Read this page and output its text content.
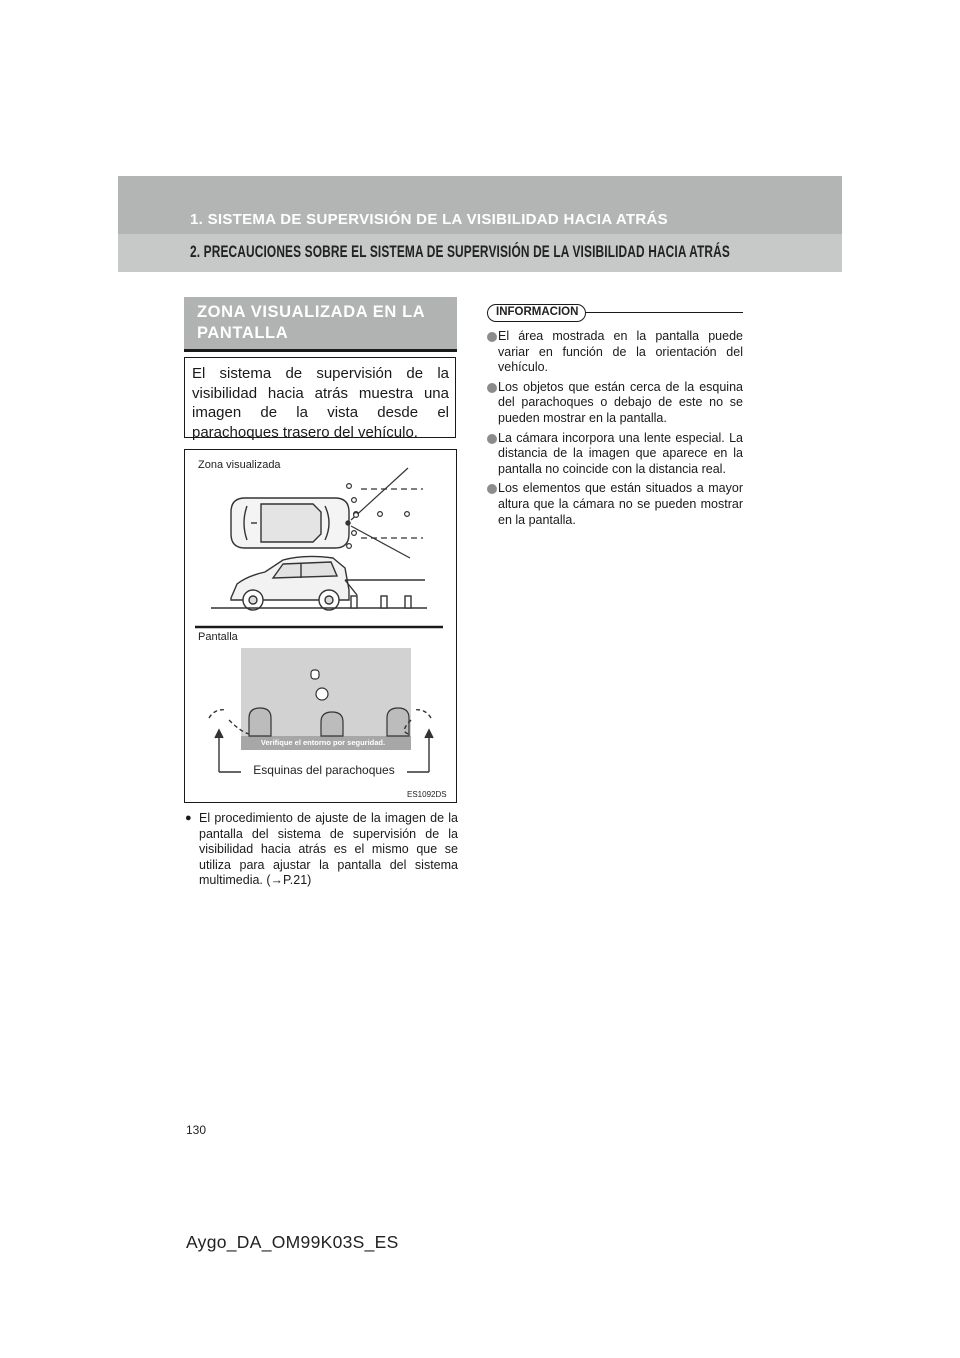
1. SISTEMA DE SUPERVISIÓN DE LA VISIBILIDAD HACIA ATRÁS
2. PRECAUCIONES SOBRE EL SISTEMA DE SUPERVISIÓN DE LA VISIBILIDAD HACIA ATRÁS
ZONA VISUALIZADA EN LA PANTALLA

El sistema de supervisión de la visibilidad hacia atrás muestra una imagen de la vista desde el parachoques trasero del vehículo.

Zona visualizada
Pantalla
Verifique el entorno por seguridad.
Esquinas del parachoques
ES1092DS
● El procedimiento de ajuste de la imagen de la pantalla del sistema de supervisión de la visibilidad hacia atrás es el mismo que se utiliza para ajustar la pantalla del sistema multimedia. (→P.21)

INFORMACION

El área mostrada en la pantalla puede variar en función de la orientación del vehículo.

Los objetos que están cerca de la esquina del parachoques o debajo de este no se pueden mostrar en la pantalla.

La cámara incorpora una lente especial. La distancia de la imagen que aparece en la pantalla no coincide con la distancia real.

Los elementos que están situados a mayor altura que la cámara no se pueden mostrar en la pantalla.

130
Aygo_DA_OM99K03S_ES
